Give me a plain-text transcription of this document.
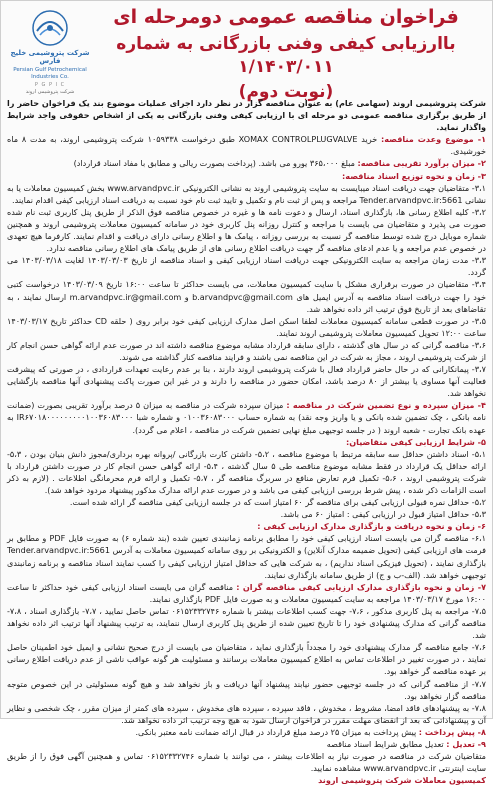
شرکت پتروشیمی خلیج فارس
Persian Gulf Petrochemical Industries Co.
P G P I C
شرکت پتروشیمی اروند
فراخوان مناقصه عمومی دومرحله ای
باارزیابی کیفی وفنی بازرگانی به شماره ۱/۱۴۰۳/۰۱۱
(نوبت دوم)

شرکت پتروشیمی اروند (سهامی عام) به عنوان مناقصه گزار در نظر دارد اجرای عملیات موضوع بند یک فراخوان حاضر را از طریق برگزاری مناقصه عمومی دو مرحله ای با ارزیابی کیفی وفنی بازرگانی به یکی از اشخاص حقوقی واجد شرایط واگذار نماید.

۱- موضوع وعدت مناقصه: خرید XOMAX CONTROLPLUGVALVE طبق درخواست ۱۰۵۹۳۳۸ شرکت پتروشیمی اروند، به مدت ۸ ماه خورشیدی.

۲- میزان برآورد تقریبی مناقصه: مبلغ ۳۶۵،۰۰۰ یورو می باشد. (پرداخت بصورت ریالی و مطابق با مفاد اسناد قرارداد)

۳- زمان و نحوه توزیع اسناد مناقصه:

۳،۱- متقاضیان جهت دریافت اسناد میبایست به سایت پتروشیمی اروند به نشانی الکترونیکی www.arvandpvc.ir بخش کمیسیون معاملات یا به نشانی Tender.arvandpvc.ir:5661 مراجعه و پس از ثبت نام و تکمیل و تایید ثبت نام خود نسبت به دریافت اسناد ارزیابی کیفی اقدام نمایند.

۳،۲- کلیه اطلاع رسانی ها، بازگذاری اسناد، ارسال و دعوت نامه ها و غیره در خصوص مناقصه فوق الذکر از طریق پنل کاربری ثبت نام شده صورت می پذیرد و متقاضیان می بایست با مراجعه و کنترل روزانه پنل کاربری خود در سامانه کمیسیون معاملات پتروشیمی اروند و همچنین شماره موبایل درج شده توسط مناقصه گر نسبت به بررسی روزانه ، پیامک ها و اطلاع رسانی دارای دریافت و اقدام نمایند. کارفرما هیچ تعهدی در خصوص عدم مراجعه و یا عدم ادعای مناقصه گر جهت دریافت اطلاع رسانی های از طریق پیامک های اطلاع رسانی مناقصه ندارد.

۳،۳- مدت زمان مراجعه به سایت الکترونیکی جهت دریافت اسناد ارزیابی کیفی و اسناد مناقصه از تاریخ ۱۴۰۳/۰۳/۰۳ لغایت ۱۴۰۳/۰۳/۱۸ می گردد.

۳،۴- متقاضیان در صورت برقراری مشکل با سایت کمیسیون معاملات، می بایست حداکثر تا ساعت ۱۶:۰۰ تاریخ ۱۴۰۳/۰۳/۰۹ درخواست کتبی خود را جهت دریافت اسناد مناقصه به آدرس ایمیل های b.arvandpvc@gmail.com و m.arvandpvc.ir@gmail.com ارسال نمایند ، به تقاضاهای بعد از تاریخ فوق ترتیب اثر داده نخواهد شد.

۳،۵- در صورت قطعی سامانه کمیسیون معاملات لطفا اسکن اصل مدارک ارزیابی کیفی خود برابر روی ( حلقه CD حداکثر تاریخ ۱۴۰۳/۰۳/۱۷ ساعت ۱۲:۰۰ تحویل کمیسیون معاملات پتروشیمی اروند نمایند.

۳،۶- مناقصه گرانی که در سال های گذشته ، دارای سابقه قرارداد مشابه موضوع مناقصه داشته اند در صورت عدم ارائه گواهی حسن انجام کار از شرکت پتروشیمی اروند ، مجاز به شرکت در این مناقصه نمی باشند و فرایند مناقصه کنار گذاشته می شوند.

۳،۷- پیمانکارانی که در حال حاضر قرارداد فعال با شرکت پتروشیمی اروند دارند ، بنا بر عدم رعایت تعهدات قراردادی ، در صورتی که پیشرفت فعالیت آنها مساوی یا بیشتر از ۸۰ درصد باشد، امکان حضور در مناقصه را دارند و در غیر این صورت پاکت پیشنهادی آنها مناقصه بازگشایی نخواهد شد.

۴- میزان سپرده و نوع تضمین شرکت در مناقصه : میزان سپرده شرکت در مناقصه به میزان ۵ درصد برآورد تقریبی بصورت (ضمانت نامه بانکی ، چک تضمین شده بانکی و یا واریز وجه نقد) به شماره حساب ۰۱۰۰۳۶۰۸۳۰۰۰ و شماره شبا IR۶۷۰۱۸۰۰۰۰۰۰۰۰۰۱۰۰۳۶۰۸۳۰۰۰ به عهده بانک تجارت - شعبه اروند ( در جلسه توجیهی مبلغ نهایی تضمین شرکت در مناقصه ، اعلام می گردد).

۵- شرایط ارزیابی کیفی متقاضیان:

۵،۱- اسناد داشتن حداقل سه سابقه مرتبط با موضوع مناقصه ، ۵،۲- داشتن کارت بازرگانی /پروانه بهره برداری/مجوز دانش بنیان بودن ، ۵،۳- ارائه حداقل یک قرارداد در فقط مشابه موضوع مناقصه طی ۵ سال گذشته ، ۵،۴- ارائه گواهی حسن انجام کار در صورت داشتن قرارداد با شرکت پتروشیمی اروند ، ۵،۶- تکمیل فرم تعارض منافع در سربرگ مناقصه گر ، ۵،۷- تکمیل و ارائه فرم محرمانگی اطلاعات . (لازم به ذکر است الزامات ذکر شده ، پیش شرط بررسی ارزیابی کیفی می باشد و در صورت عدم ارائه مدارک مذکور پیشنهاد مردود خواهد شد).

۵،۲- حداقل نمره قبولی ارزیابی کیفی برای مناقصه گر ۶۰ امتیاز است که در جلسه ارزیابی کیفی مناقصه گر ارائه شده است.

۵،۳- حداقل امتیاز قبول در ارزیابی کیفی : امتیاز ۶۰ می باشد.

۶- زمان و نحوه دریافت و بازگذاری مدارک ارزیابی کیفی :

۶،۱- مناقصه گران می بایست اسناد ارزیابی کیفی خود را مطابق برنامه زمانبندی تعیین شده (بند شماره ۶) به صورت فایل PDF و مطابق بر فرمت های ارزیابی کیفی (تحویل ضمیمه مدارک آنلاین) و الکترونیکی بر روی سامانه کمیسیون معاملات به آدرس Tender.arvandpvc.ir:5661 بازگذاری نمایند ، (تحویل فیزیکی اسناد نداریم) ، به شرکت هایی که حداقل امتیاز ارزیابی کیفی را کسب نمایند اسناد مناقصه و برنامه زمانبندی توجیهی خواهد شد. (الف-ب و ج) از طریق سامانه بازگذاری نمایند.

۷- زمان و نحوه بازگذاری مدارک ارزیابی کیفی مناقصه گران : مناقصه گران می بایست اسناد ارزیابی کیفی خود حداکثر تا ساعت ۱۶:۰۰ مورخ ۱۴۰۳/۰۳/۱۷ مراجعه به سایت کمیسیون معاملات و به صورت فایل PDF بازگذاری نمایند.

۷،۵- مراجعه به پنل کاربری مذکور ، ۷،۶- جهت کسب اطلاعات بیشتر با شماره ۰۶۱۵۲۳۳۲۷۴۶ تماس حاصل نمایید ، ۷،۷- بازگذاری اسناد ، ۷،۸- مناقصه گرانی که مدارک پیشنهادی خود را تا تاریخ تعیین شده از طریق پنل کاربری ارسال ننمایند، به ترتیب پیشنهاد آنها ترتیب اثر داده نخواهد شد.

۷،۶- جامع مناقصه گر مدارک پیشنهادی خود را مجدداً بازگذاری نماید ، متقاضیان می بایست از درج صحیح نشانی و ایمیل خود اطمینان حاصل نمایند ، در صورت تغییر در اطلاعات تماس به اطلاع کمیسیون معاملات برسانند و مسئولیت هر گونه عواقب ناشی از عدم دریافت اطلاع رسانی بر عهده مناقصه گر خواهد بود.

۷،۷- از مناقصه گرانی که در جلسه توجیهی حضور نیابند پیشنهاد آنها دریافت و باز نخواهد شد و هیچ گونه مسئولیتی در این خصوص متوجه مناقصه گزار نخواهد بود.

۷،۸- به پیشنهادهای فاقد امضا، مشروط ، مخدوش ، فاقد سپرده ، سپرده های مخدوش ، سپرده های کمتر از میزان مقرر ، چک شخصی و نظایر آن و پیشنهاداتی که بعد از انقضای مهلت مقرر در فراخوان ارسال شود به هیچ وجه ترتیب اثر داده نخواهد شد.

۸- پیش پرداخت : پیش پرداخت به میزان ۲۵ درصد مبلغ قرارداد در قبال ارائه ضمانت نامه معتبر بانکی.

۹- تعدیل : تعدیل مطابق شرایط اسناد مناقصه

متقاضیان شرکت در مناقصه در صورت نیاز به اطلاعات بیشتر ، می توانند با شماره ۰۶۱۵۲۳۳۲۷۴۶ تماس و همچنین آگهی فوق را از طریق سایت اینترنتی www.arvandpvc.ir مشاهده نمایید.

کمیسیون معاملات شرکت پتروشیمی اروند
